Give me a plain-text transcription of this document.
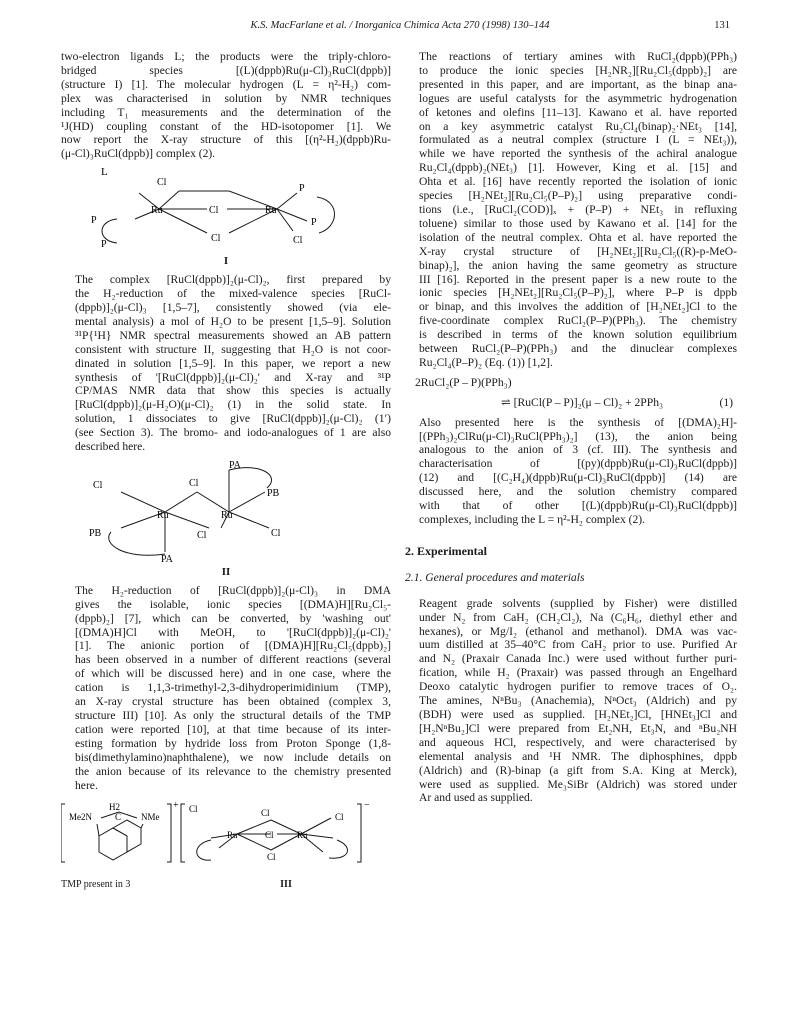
K.S. MacFarlane et al. / Inorganica Chimica Acta 270 (1998) 130–144	131
two-electron ligands L; the products were the triply-chloro-
bridged species [(L)(dppb)Ru(μ-Cl)₃RuCl(dppb)]
(structure I) [1]. The molecular hydrogen (L = η²-H₂) com-
plex was characterised in solution by NMR techniques
including T₁ measurements and the determination of the
¹J(HD) coupling constant of the HD-isotopomer [1]. We
now report the X-ray structure of this [(η²-H₂)(dppb)Ru-
(μ-Cl)₃RuCl(dppb)] complex (2).
L
Cl
P
P
Ru	Cl	Ru
P
P
Cl	Cl
I
The complex [RuCl(dppb)]₂(μ-Cl)₂, first prepared by
the H₂-reduction of the mixed-valence species [RuCl-
(dppb)]₂(μ-Cl)₃ [1,5–7], consistently showed (via ele-
mental analysis) a mol of H₂O to be present [1,5–9]. Solution
³¹P{¹H} NMR spectral measurements showed an AB pattern
consistent with structure II, suggesting that H₂O is not coor-
dinated in solution [1,5–9]. In this paper, we report a new
synthesis of '[RuCl(dppb)]₂(μ-Cl)₂' and X-ray and ³¹P
CP/MAS NMR data that show this species is actually
[RuCl(dppb)]₂(μ-H₂O)(μ-Cl)₂ (1) in the solid state. In
solution, 1 dissociates to give [RuCl(dppb)]₂(μ-Cl)₂ (1′)
(see Section 3). The bromo- and iodo-analogues of 1 are also
described here.
PA
Cl	Cl
PB
Ru	Ru
PB	Cl	Cl
PA
II
The H₂-reduction of [RuCl(dppb)]₂(μ-Cl)₃ in DMA
gives the isolable, ionic species [(DMA)H][Ru₂Cl₅-
(dppb)₂] [7], which can be converted, by 'washing out'
[(DMA)H]Cl with MeOH, to '[RuCl(dppb)]₂(μ-Cl)₂'
[1]. The anionic portion of [(DMA)H][Ru₂Cl₅(dppb)₂]
has been observed in a number of different reactions (several
of which will be discussed here) and in one case, where the
cation is 1,1,3-trimethyl-2,3-dihydroperimidinium (TMP),
an X-ray crystal structure has been obtained (complex 3,
structure III) [10]. As only the structural details of the TMP
cation were reported [10], at that time because of its inter-
esting formation by hydride loss from Proton Sponge (1,8-
bis(dimethylamino)naphthalene), we now include details on
the anion because of its relevance to the chemistry presented
here.
H2
C
Me2N	NMe
+	−
Cl	Cl	Cl
Ru	Cl	Ru
Cl
TMP present in 3	III
The reactions of tertiary amines with RuCl₂(dppb)(PPh₃)
to produce the ionic species [H₂NR₂][Ru₂Cl₅(dppb)₂] are
presented in this paper, and are important, as the binap ana-
logues are useful catalysts for the asymmetric hydrogenation
of ketones and olefins [11–13]. Kawano et al. have reported
on a key asymmetric catalyst Ru₂Cl₄(binap)₂·NEt₃ [14],
formulated as a neutral complex (structure I (L = NEt₃)),
while we have reported the synthesis of the achiral analogue
Ru₂Cl₄(dppb)₂(NEt₃) [1]. However, King et al. [15] and
Ohta et al. [16] have recently reported the isolation of ionic
species [H₂NEt₂][Ru₂Cl₅(P–P)₂] using preparative condi-
tions (i.e., [RuCl₂(COD)]ₓ + (P–P) + NEt₃ in refluxing
toluene) similar to those used by Kawano et al. [14] for the
isolation of the neutral complex. Ohta et al. have reported the
X-ray crystal structure of [H₂NEt₂][Ru₂Cl₅((R)-p-MeO-
binap)₂], the anion having the same geometry as structure
III [16]. Reported in the present paper is a new route to the
ionic species [H₂NEt₂][Ru₂Cl₅(P–P)₂], where P–P is dppb
or binap, and this involves the addition of [H₂NEt₂]Cl to the
five-coordinate complex RuCl₂(P–P)(PPh₃). The chemistry
is described in terms of the known solution equilibrium
between RuCl₂(P–P)(PPh₃) and the dinuclear complexes
Ru₂Cl₄(P–P)₂ (Eq. (1)) [1,2].
2RuCl₂(P – P)(PPh₃)
⇌ [RuCl(P – P)]₂(μ – Cl)₂ + 2PPh₃	(1)
Also presented here is the synthesis of [(DMA)₂H]-
[(PPh₃)₂ClRu(μ-Cl)₃RuCl(PPh₃)₂] (13), the anion being
analogous to the anion of 3 (cf. III). The synthesis and
characterisation of [(py)(dppb)Ru(μ-Cl)₃RuCl(dppb)]
(12) and [(C₂H₄)(dppb)Ru(μ-Cl)₃RuCl(dppb)] (14) are
discussed here, and the solution chemistry compared
with that of other [(L)(dppb)Ru(μ-Cl)₃RuCl(dppb)]
complexes, including the L = η²-H₂ complex (2).
2. Experimental
2.1. General procedures and materials
Reagent grade solvents (supplied by Fisher) were distilled
under N₂ from CaH₂ (CH₂Cl₂), Na (C₆H₆, diethyl ether and
hexanes), or Mg/I₂ (ethanol and methanol). DMA was vac-
uum distilled at 35–40°C from CaH₂ prior to use. Purified Ar
and N₂ (Praxair Canada Inc.) were used without further puri-
fication, while H₂ (Praxair) was passed through an Engelhard
Deoxo catalytic hydrogen purifier to remove traces of O₂.
The amines, NⁿBu₃ (Anachemia), NⁿOct₃ (Aldrich) and py
(BDH) were used as supplied. [H₂NEt₂]Cl, [HNEt₃]Cl and
[H₂NⁿBu₂]Cl were prepared from Et₂NH, Et₃N, and ⁿBu₂NH
and aqueous HCl, respectively, and were characterised by
elemental analysis and ¹H NMR. The diphosphines, dppb
(Aldrich) and (R)-binap (a gift from S.A. King at Merck),
were used as supplied. Me₃SiBr (Aldrich) was stored under
Ar and used as supplied.
